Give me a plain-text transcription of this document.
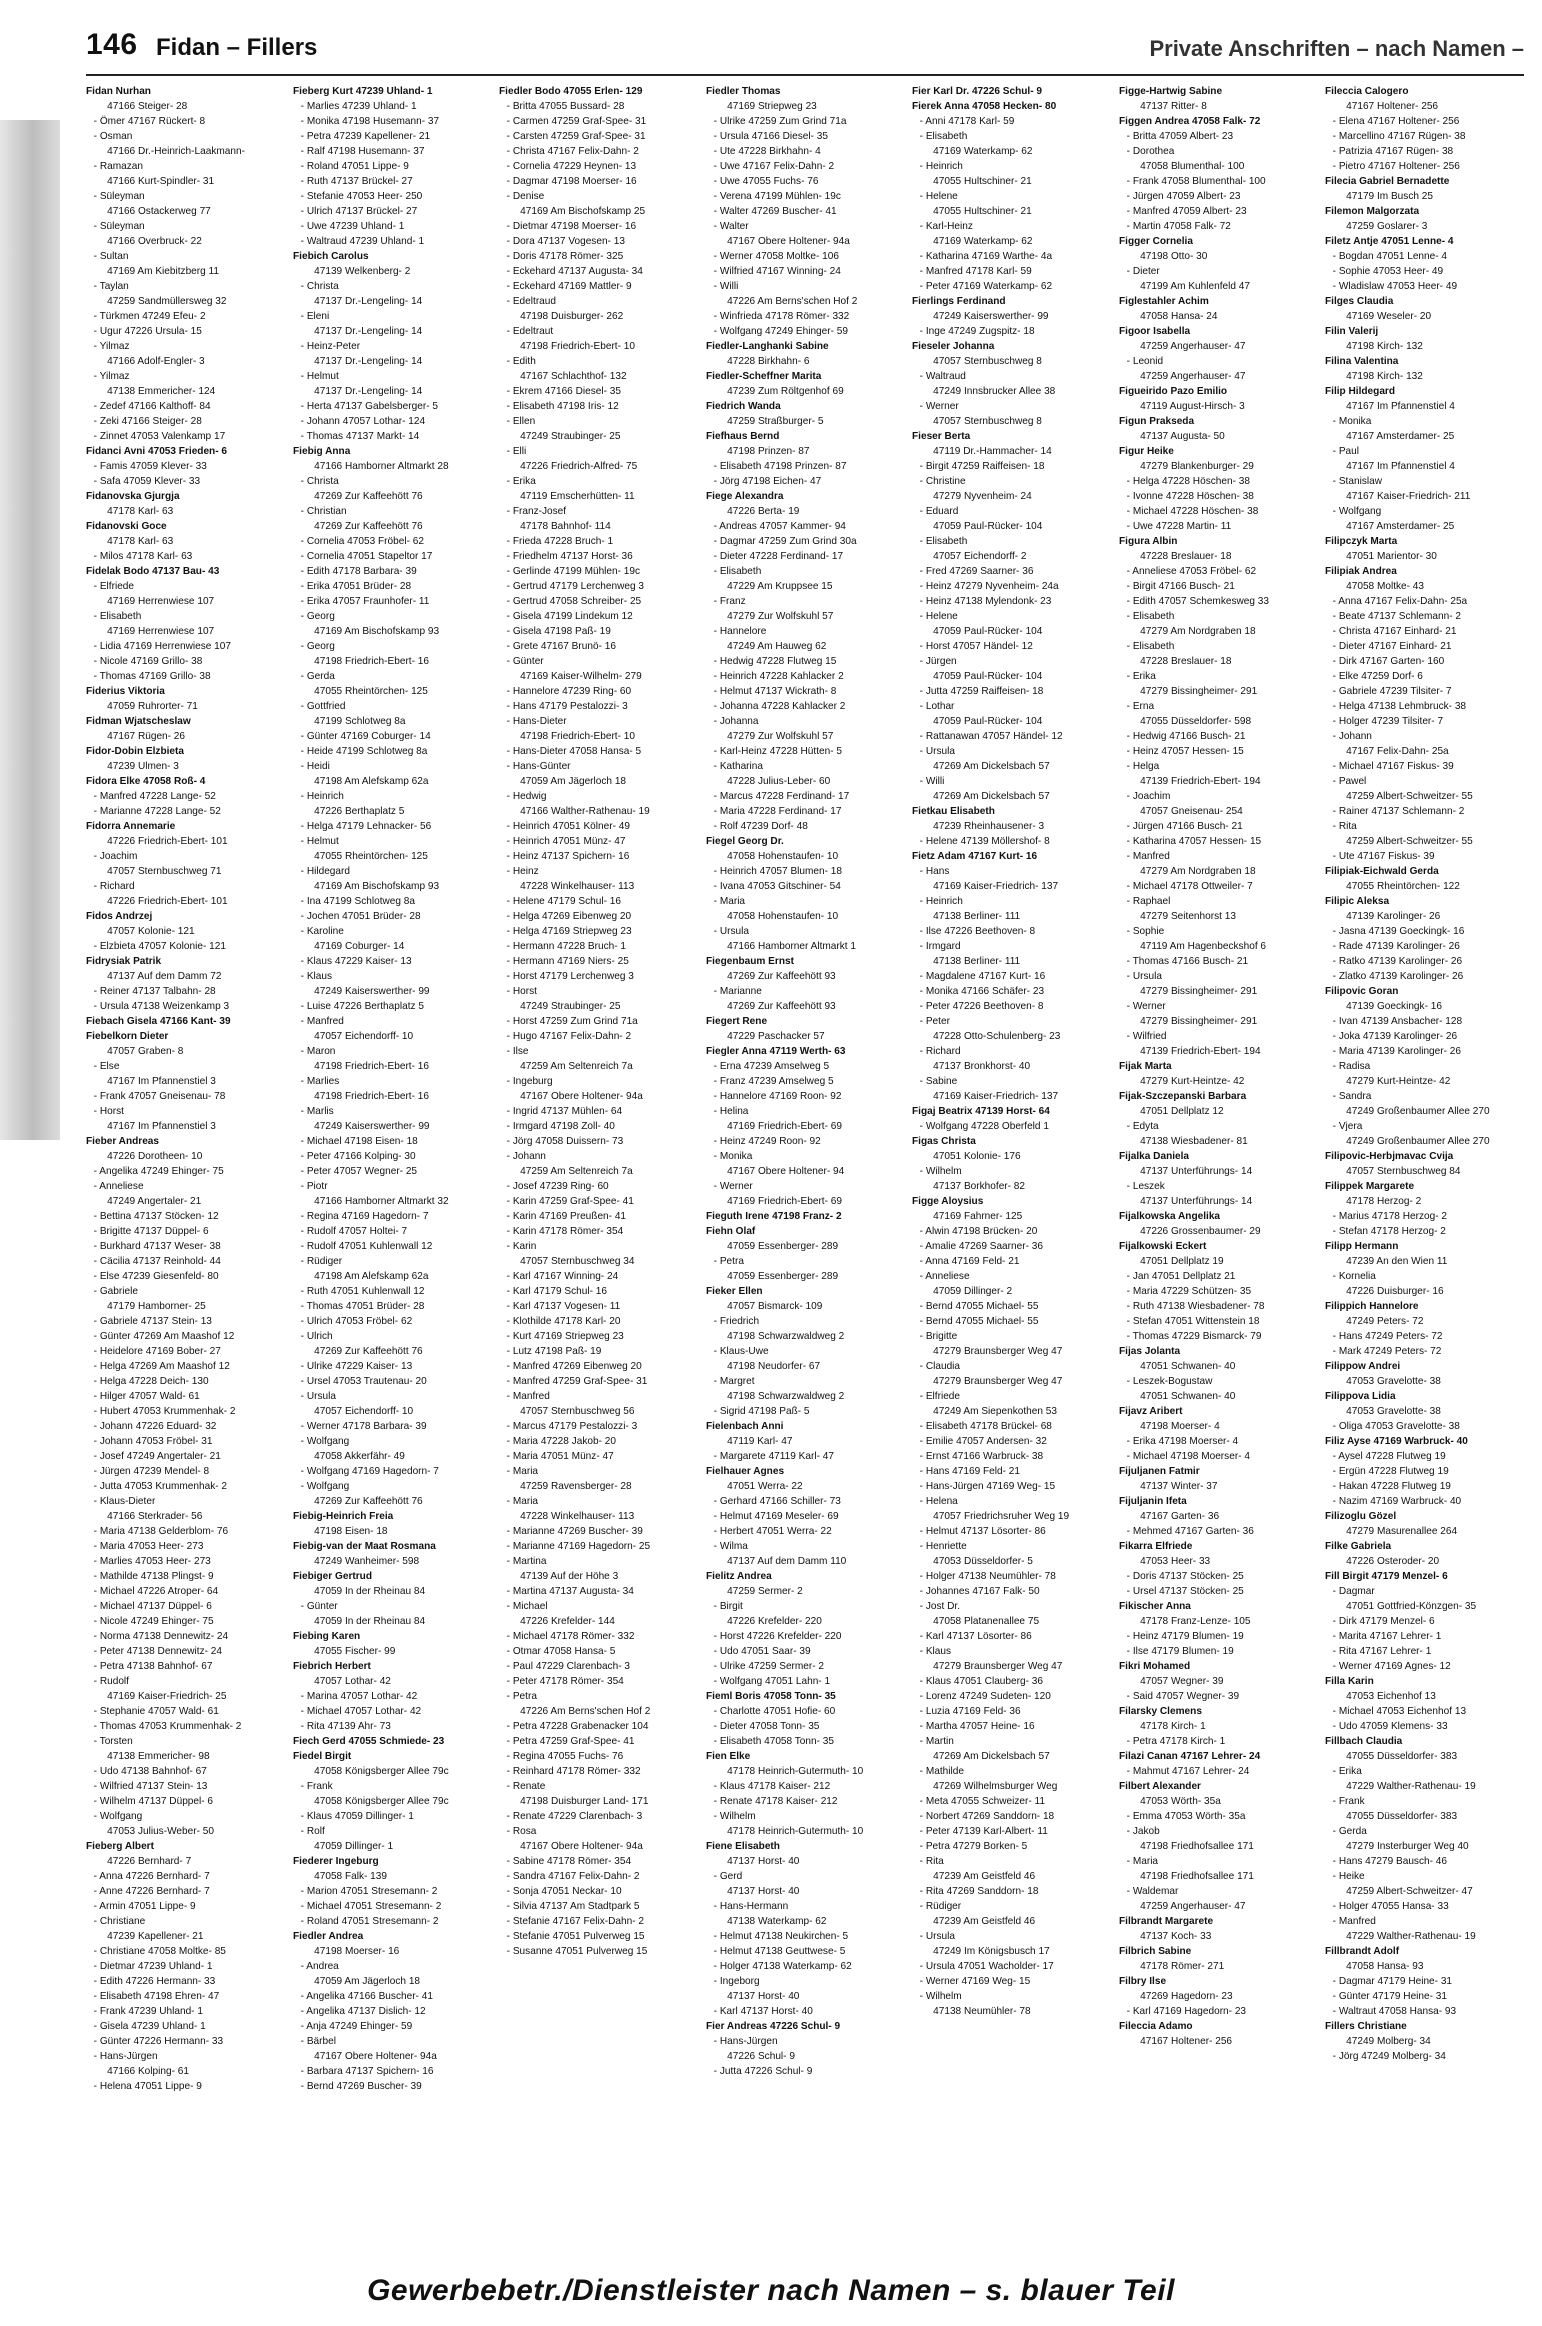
146 Fidan – Fillers	Private Anschriften – nach Namen –
Fidan Nurhan
47166 Steiger- 28
- Ömer 47167 Rückert- 8
- Osman
47166 Dr.-Heinrich-Laakmann-
- Ramazan
47166 Kurt-Spindler- 31
- Süleyman
47166 Ostackerweg 77
- Süleyman
47166 Overbruck- 22
- Sultan
47169 Am Kiebitzberg 11
- Taylan
47259 Sandmüllersweg 32
- Türkmen 47249 Efeu- 2
- Ugur 47226 Ursula- 15
- Yilmaz
47166 Adolf-Engler- 3
- Yilmaz
47138 Emmericher- 124
- Zedef 47166 Kalthoff- 84
- Zeki 47166 Steiger- 28
- Zinnet 47053 Valenkamp 17
Fidanci Avni 47053 Frieden- 6
- Famis 47059 Klever- 33
- Safa 47059 Klever- 33
Fidanovska Gjurgja
47178 Karl- 63
Fidanovski Goce
47178 Karl- 63
- Milos 47178 Karl- 63
Fidelak Bodo 47137 Bau- 43
- Elfriede
47169 Herrenwiese 107
- Elisabeth
47169 Herrenwiese 107
- Lidia 47169 Herrenwiese 107
- Nicole 47169 Grillo- 38
- Thomas 47169 Grillo- 38
Fiderius Viktoria
47059 Ruhrorter- 71
Fidman Wjatscheslaw
47167 Rügen- 26
Fidor-Dobin Elzbieta
47239 Ulmen- 3
Fidora Elke 47058 Roß- 4
- Manfred 47228 Lange- 52
- Marianne 47228 Lange- 52
Fidorra Annemarie
47226 Friedrich-Ebert- 101
- Joachim
47057 Sternbuschweg 71
- Richard
47226 Friedrich-Ebert- 101
Fidos Andrzej
47057 Kolonie- 121
- Elzbieta 47057 Kolonie- 121
Fidrysiak Patrik
47137 Auf dem Damm 72
- Reiner 47137 Talbahn- 28
- Ursula 47138 Weizenkamp 3
Fiebach Gisela 47166 Kant- 39
Fiebelkorn Dieter
47057 Graben- 8
- Else
47167 Im Pfannenstiel 3
- Frank 47057 Gneisenau- 78
- Horst
47167 Im Pfannenstiel 3
Fieber Andreas
47226 Dorotheen- 10
- Angelika 47249 Ehinger- 75
- Anneliese
47249 Angertaler- 21
- Bettina 47137 Stöcken- 12
- Brigitte 47137 Düppel- 6
- Burkhard 47137 Weser- 38
- Cäcilia 47137 Reinhold- 44
- Else 47239 Giesenfeld- 80
- Gabriele
47179 Hamborner- 25
- Gabriele 47137 Stein- 13
- Günter 47269 Am Maashof 12
- Heidelore 47169 Bober- 27
- Helga 47269 Am Maashof 12
- Helga 47228 Deich- 130
- Hilger 47057 Wald- 61
- Hubert 47053 Krummenhak- 2
- Johann 47226 Eduard- 32
- Johann 47053 Fröbel- 31
- Josef 47249 Angertaler- 21
- Jürgen 47239 Mendel- 8
- Jutta 47053 Krummenhak- 2
- Klaus-Dieter
47166 Sterkrader- 56
- Maria 47138 Gelderblom- 76
- Maria 47053 Heer- 273
- Marlies 47053 Heer- 273
- Mathilde 47138 Plingst- 9
- Michael 47226 Atroper- 64
- Michael 47137 Düppel- 6
- Nicole 47249 Ehinger- 75
- Norma 47138 Dennewitz- 24
- Peter 47138 Dennewitz- 24
- Petra 47138 Bahnhof- 67
- Rudolf
47169 Kaiser-Friedrich- 25
- Stephanie 47057 Wald- 61
- Thomas 47053 Krummenhak- 2
- Torsten
47138 Emmericher- 98
- Udo 47138 Bahnhof- 67
- Wilfried 47137 Stein- 13
- Wilhelm 47137 Düppel- 6
- Wolfgang
47053 Julius-Weber- 50
Fieberg Albert
47226 Bernhard- 7
- Anna 47226 Bernhard- 7
- Anne 47226 Bernhard- 7
- Armin 47051 Lippe- 9
- Christiane
47239 Kapellener- 21
- Christiane 47058 Moltke- 85
- Dietmar 47239 Uhland- 1
- Edith 47226 Hermann- 33
- Elisabeth 47198 Ehren- 47
- Frank 47239 Uhland- 1
- Gisela 47239 Uhland- 1
- Günter 47226 Hermann- 33
- Hans-Jürgen
47166 Kolping- 61
- Helena 47051 Lippe- 9
Fieberg Kurt 47239 Uhland- 1
- Marlies 47239 Uhland- 1
- Monika 47198 Husemann- 37
- Petra 47239 Kapellener- 21
- Ralf 47198 Husemann- 37
- Roland 47051 Lippe- 9
- Ruth 47137 Brückel- 27
- Stefanie 47053 Heer- 250
- Ulrich 47137 Brückel- 27
- Uwe 47239 Uhland- 1
- Waltraud 47239 Uhland- 1
Fiebich Carolus
47139 Welkenberg- 2
- Christa
47137 Dr.-Lengeling- 14
- Eleni
47137 Dr.-Lengeling- 14
- Heinz-Peter
47137 Dr.-Lengeling- 14
- Helmut
47137 Dr.-Lengeling- 14
- Herta 47137 Gabelsberger- 5
- Johann 47057 Lothar- 124
- Thomas 47137 Markt- 14
Fiebig Anna
47166 Hamborner Altmarkt 28
- Christa
47269 Zur Kaffeehött 76
- Christian
47269 Zur Kaffeehött 76
- Cornelia 47053 Fröbel- 62
- Cornelia 47051 Stapeltor 17
- Edith 47178 Barbara- 39
- Erika 47051 Brüder- 28
- Erika 47057 Fraunhofer- 11
- Georg
47169 Am Bischofskamp 93
- Georg
47198 Friedrich-Ebert- 16
- Gerda
47055 Rheintörchen- 125
- Gottfried
47199 Schlotweg 8a
- Günter 47169 Coburger- 14
- Heide 47199 Schlotweg 8a
- Heidi
47198 Am Alefskamp 62a
- Heinrich
47226 Berthaplatz 5
- Helga 47179 Lehnacker- 56
- Helmut
47055 Rheintörchen- 125
- Hildegard
47169 Am Bischofskamp 93
- Ina 47199 Schlotweg 8a
- Jochen 47051 Brüder- 28
- Karoline
47169 Coburger- 14
- Klaus 47229 Kaiser- 13
- Klaus
47249 Kaiserswerther- 99
- Luise 47226 Berthaplatz 5
- Manfred
47057 Eichendorff- 10
- Maron
47198 Friedrich-Ebert- 16
- Marlies
47198 Friedrich-Ebert- 16
- Marlis
47249 Kaiserswerther- 99
- Michael 47198 Eisen- 18
- Peter 47166 Kolping- 30
- Peter 47057 Wegner- 25
- Piotr
47166 Hamborner Altmarkt 32
- Regina 47169 Hagedorn- 7
- Rudolf 47057 Holtei- 7
- Rudolf 47051 Kuhlenwall 12
- Rüdiger
47198 Am Alefskamp 62a
- Ruth 47051 Kuhlenwall 12
- Thomas 47051 Brüder- 28
- Ulrich 47053 Fröbel- 62
- Ulrich
47269 Zur Kaffeehött 76
- Ulrike 47229 Kaiser- 13
- Ursel 47053 Trautenau- 20
- Ursula
47057 Eichendorff- 10
- Werner 47178 Barbara- 39
- Wolfgang
47058 Akkerfähr- 49
- Wolfgang 47169 Hagedorn- 7
- Wolfgang
47269 Zur Kaffeehött 76
Fiebig-Heinrich Freia
47198 Eisen- 18
Fiebig-van der Maat Rosmana
47249 Wanheimer- 598
Fiebiger Gertrud
47059 In der Rheinau 84
- Günter
47059 In der Rheinau 84
Fiebing Karen
47055 Fischer- 99
Fiebrich Herbert
47057 Lothar- 42
- Marina 47057 Lothar- 42
- Michael 47057 Lothar- 42
- Rita 47139 Ahr- 73
Fiech Gerd 47055 Schmiede- 23
Fiedel Birgit
47058 Königsberger Allee 79c
- Frank
47058 Königsberger Allee 79c
- Klaus 47059 Dillinger- 1
- Rolf
47059 Dillinger- 1
Fiederer Ingeburg
47058 Falk- 139
- Marion 47051 Stresemann- 2
- Michael 47051 Stresemann- 2
- Roland 47051 Stresemann- 2
Fiedler Andrea
47198 Moerser- 16
- Andrea
47059 Am Jägerloch 18
- Angelika 47166 Buscher- 41
- Angelika 47137 Dislich- 12
- Anja 47249 Ehinger- 59
- Bärbel
47167 Obere Holtener- 94a
- Barbara 47137 Spichern- 16
- Bernd 47269 Buscher- 39
Fiedler Bodo 47055 Erlen- 129
- Britta 47055 Bussard- 28
- Carmen 47259 Graf-Spee- 31
- Carsten 47259 Graf-Spee- 31
- Christa 47167 Felix-Dahn- 2
- Cornelia 47229 Heynen- 13
- Dagmar 47198 Moerser- 16
- Denise
47169 Am Bischofskamp 25
- Dietmar 47198 Moerser- 16
- Dora 47137 Vogesen- 13
- Doris 47178 Römer- 325
- Eckehard 47137 Augusta- 34
- Eckehard 47169 Mattler- 9
- Edeltraud
47198 Duisburger- 262
- Edeltraut
47198 Friedrich-Ebert- 10
- Edith
47167 Schlachthof- 132
- Ekrem 47166 Diesel- 35
- Elisabeth 47198 Iris- 12
- Ellen
47249 Straubinger- 25
- Elli
47226 Friedrich-Alfred- 75
- Erika
47119 Emscherhütten- 11
- Franz-Josef
47178 Bahnhof- 114
- Frieda 47228 Bruch- 1
- Friedhelm 47137 Horst- 36
- Gerlinde 47199 Mühlen- 19c
- Gertrud 47179 Lerchenweg 3
- Gertrud 47058 Schreiber- 25
- Gisela 47199 Lindekum 12
- Gisela 47198 Paß- 19
- Grete 47167 Brunö- 16
- Günter
47169 Kaiser-Wilhelm- 279
- Hannelore 47239 Ring- 60
- Hans 47179 Pestalozzi- 3
- Hans-Dieter
47198 Friedrich-Ebert- 10
- Hans-Dieter 47058 Hansa- 5
- Hans-Günter
47059 Am Jägerloch 18
- Hedwig
47166 Walther-Rathenau- 19
- Heinrich 47051 Kölner- 49
- Heinrich 47051 Münz- 47
- Heinz 47137 Spichern- 16
- Heinz
47228 Winkelhauser- 113
- Helene 47179 Schul- 16
- Helga 47269 Eibenweg 20
- Helga 47169 Striepweg 23
- Hermann 47228 Bruch- 1
- Hermann 47169 Niers- 25
- Horst 47179 Lerchenweg 3
- Horst
47249 Straubinger- 25
- Horst 47259 Zum Grind 71a
- Hugo 47167 Felix-Dahn- 2
- Ilse
47259 Am Seltenreich 7a
- Ingeburg
47167 Obere Holtener- 94a
- Ingrid 47137 Mühlen- 64
- Irmgard 47198 Zoll- 40
- Jörg 47058 Duissern- 73
- Johann
47259 Am Seltenreich 7a
- Josef 47239 Ring- 60
- Karin 47259 Graf-Spee- 41
- Karin 47169 Preußen- 41
- Karin 47178 Römer- 354
- Karin
47057 Sternbuschweg 34
- Karl 47167 Winning- 24
- Karl 47179 Schul- 16
- Karl 47137 Vogesen- 11
- Klothilde 47178 Karl- 20
- Kurt 47169 Striepweg 23
- Lutz 47198 Paß- 19
- Manfred 47269 Eibenweg 20
- Manfred 47259 Graf-Spee- 31
- Manfred
47057 Sternbuschweg 56
- Marcus 47179 Pestalozzi- 3
- Maria 47228 Jakob- 20
- Maria 47051 Münz- 47
- Maria
47259 Ravensberger- 28
- Maria
47228 Winkelhauser- 113
- Marianne 47269 Buscher- 39
- Marianne 47169 Hagedorn- 25
- Martina
47139 Auf der Höhe 3
- Martina 47137 Augusta- 34
- Michael
47226 Krefelder- 144
- Michael 47178 Römer- 332
- Otmar 47058 Hansa- 5
- Paul 47229 Clarenbach- 3
- Peter 47178 Römer- 354
- Petra
47226 Am Berns'schen Hof 2
- Petra 47228 Grabenacker 104
- Petra 47259 Graf-Spee- 41
- Regina 47055 Fuchs- 76
- Reinhard 47178 Römer- 332
- Renate
47198 Duisburger Land- 171
- Renate 47229 Clarenbach- 3
- Rosa
47167 Obere Holtener- 94a
- Sabine 47178 Römer- 354
- Sandra 47167 Felix-Dahn- 2
- Sonja 47051 Neckar- 10
- Silvia 47137 Am Stadtpark 5
- Stefanie 47167 Felix-Dahn- 2
- Stefanie 47051 Pulverweg 15
- Susanne 47051 Pulverweg 15
Fiedler Thomas
47169 Striepweg 23
- Ulrike 47259 Zum Grind 71a
- Ursula 47166 Diesel- 35
- Ute 47228 Birkhahn- 4
- Uwe 47167 Felix-Dahn- 2
- Uwe 47055 Fuchs- 76
- Verena 47199 Mühlen- 19c
- Walter 47269 Buscher- 41
- Walter
47167 Obere Holtener- 94a
- Werner 47058 Moltke- 106
- Wilfried 47167 Winning- 24
- Willi
47226 Am Berns'schen Hof 2
- Winfrieda 47178 Römer- 332
- Wolfgang 47249 Ehinger- 59
Fiedler-Langhanki Sabine
47228 Birkhahn- 6
Fiedler-Scheffner Marita
47239 Zum Röltgenhof 69
Fiedrich Wanda
47259 Straßburger- 5
Fiefhaus Bernd
47198 Prinzen- 87
- Elisabeth 47198 Prinzen- 87
- Jörg 47198 Eichen- 47
Fiege Alexandra
47226 Berta- 19
- Andreas 47057 Kammer- 94
- Dagmar 47259 Zum Grind 30a
- Dieter 47228 Ferdinand- 17
- Elisabeth
47229 Am Kruppsee 15
- Franz
47279 Zur Wolfskuhl 57
- Hannelore
47249 Am Hauweg 62
- Hedwig 47228 Flutweg 15
- Heinrich 47228 Kahlacker 2
- Helmut 47137 Wickrath- 8
- Johanna 47228 Kahlacker 2
- Johanna
47279 Zur Wolfskuhl 57
- Karl-Heinz 47228 Hütten- 5
- Katharina
47228 Julius-Leber- 60
- Marcus 47228 Ferdinand- 17
- Maria 47228 Ferdinand- 17
- Rolf 47239 Dorf- 48
Fiegel Georg Dr.
47058 Hohenstaufen- 10
- Heinrich 47057 Blumen- 18
- Ivana 47053 Gitschiner- 54
- Maria
47058 Hohenstaufen- 10
- Ursula
47166 Hamborner Altmarkt 1
Fiegenbaum Ernst
47269 Zur Kaffeehött 93
- Marianne
47269 Zur Kaffeehött 93
Fiegert Rene
47229 Paschacker 57
Fiegler Anna 47119 Werth- 63
- Erna 47239 Amselweg 5
- Franz 47239 Amselweg 5
- Hannelore 47169 Roon- 92
- Helina
47169 Friedrich-Ebert- 69
- Heinz 47249 Roon- 92
- Monika
47167 Obere Holtener- 94
- Werner
47169 Friedrich-Ebert- 69
Fieguth Irene 47198 Franz- 2
Fiehn Olaf
47059 Essenberger- 289
- Petra
47059 Essenberger- 289
Fieker Ellen
47057 Bismarck- 109
- Friedrich
47198 Schwarzwaldweg 2
- Klaus-Uwe
47198 Neudorfer- 67
- Margret
47198 Schwarzwaldweg 2
- Sigrid 47198 Paß- 5
Fielenbach Anni
47119 Karl- 47
- Margarete 47119 Karl- 47
Fielhauer Agnes
47051 Werra- 22
- Gerhard 47166 Schiller- 73
- Helmut 47169 Meseler- 69
- Herbert 47051 Werra- 22
- Wilma
47137 Auf dem Damm 110
Fielitz Andrea
47259 Sermer- 2
- Birgit
47226 Krefelder- 220
- Horst 47226 Krefelder- 220
- Udo 47051 Saar- 39
- Ulrike 47259 Sermer- 2
- Wolfgang 47051 Lahn- 1
Fieml Boris 47058 Tonn- 35
- Charlotte 47051 Hofie- 60
- Dieter 47058 Tonn- 35
- Elisabeth 47058 Tonn- 35
Fien Elke
47178 Heinrich-Gutermuth- 10
- Klaus 47178 Kaiser- 212
- Renate 47178 Kaiser- 212
- Wilhelm
47178 Heinrich-Gutermuth- 10
Fiene Elisabeth
47137 Horst- 40
- Gerd
47137 Horst- 40
- Hans-Hermann
47138 Waterkamp- 62
- Helmut 47138 Neukirchen- 5
- Helmut 47138 Geuttwese- 5
- Holger 47138 Waterkamp- 62
- Ingeborg
47137 Horst- 40
- Karl 47137 Horst- 40
Fier Andreas 47226 Schul- 9
- Hans-Jürgen
47226 Schul- 9
- Jutta 47226 Schul- 9
Fier Karl Dr. 47226 Schul- 9
Fierek Anna 47058 Hecken- 80
- Anni 47178 Karl- 59
- Elisabeth
47169 Waterkamp- 62
- Heinrich
47055 Hultschiner- 21
- Helene
47055 Hultschiner- 21
- Karl-Heinz
47169 Waterkamp- 62
- Katharina 47169 Warthe- 4a
- Manfred 47178 Karl- 59
- Peter 47169 Waterkamp- 62
Fierlings Ferdinand
47249 Kaiserswerther- 99
- Inge 47249 Zugspitz- 18
Fieseler Johanna
47057 Sternbuschweg 8
- Waltraud
47249 Innsbrucker Allee 38
- Werner
47057 Sternbuschweg 8
Fieser Berta
47119 Dr.-Hammacher- 14
- Birgit 47259 Raiffeisen- 18
- Christine
47279 Nyvenheim- 24
- Eduard
47059 Paul-Rücker- 104
- Elisabeth
47057 Eichendorff- 2
- Fred 47269 Saarner- 36
- Heinz 47279 Nyvenheim- 24a
- Heinz 47138 Mylendonk- 23
- Helene
47059 Paul-Rücker- 104
- Horst 47057 Händel- 12
- Jürgen
47059 Paul-Rücker- 104
- Jutta 47259 Raiffeisen- 18
- Lothar
47059 Paul-Rücker- 104
- Rattanawan 47057 Händel- 12
- Ursula
47269 Am Dickelsbach 57
- Willi
47269 Am Dickelsbach 57
Fietkau Elisabeth
47239 Rheinhausener- 3
- Helene 47139 Möllershof- 8
Fietz Adam 47167 Kurt- 16
- Hans
47169 Kaiser-Friedrich- 137
- Heinrich
47138 Berliner- 111
- Ilse 47226 Beethoven- 8
- Irmgard
47138 Berliner- 111
- Magdalene 47167 Kurt- 16
- Monika 47166 Schäfer- 23
- Peter 47226 Beethoven- 8
- Peter
47228 Otto-Schulenberg- 23
- Richard
47137 Bronkhorst- 40
- Sabine
47169 Kaiser-Friedrich- 137
Figaj Beatrix 47139 Horst- 64
- Wolfgang 47228 Oberfeld 1
Figas Christa
47051 Kolonie- 176
- Wilhelm
47137 Borkhofer- 82
Figge Aloysius
47169 Fahrner- 125
- Alwin 47198 Brücken- 20
- Amalie 47269 Saarner- 36
- Anna 47169 Feld- 21
- Anneliese
47059 Dillinger- 2
- Bernd 47055 Michael- 55
- Bernd 47055 Michael- 55
- Brigitte
47279 Braunsberger Weg 47
- Claudia
47279 Braunsberger Weg 47
- Elfriede
47249 Am Siepenkothen 53
- Elisabeth 47178 Brückel- 68
- Emilie 47057 Andersen- 32
- Ernst 47166 Warbruck- 38
- Hans 47169 Feld- 21
- Hans-Jürgen 47169 Weg- 15
- Helena
47057 Friedrichsruher Weg 19
- Helmut 47137 Lösorter- 86
- Henriette
47053 Düsseldorfer- 5
- Holger 47138 Neumühler- 78
- Johannes 47167 Falk- 50
- Jost Dr.
47058 Platanenallee 75
- Karl 47137 Lösorter- 86
- Klaus
47279 Braunsberger Weg 47
- Klaus 47051 Clauberg- 36
- Lorenz 47249 Sudeten- 120
- Luzia 47169 Feld- 36
- Martha 47057 Heine- 16
- Martin
47269 Am Dickelsbach 57
- Mathilde
47269 Wilhelmsburger Weg
- Meta 47055 Schweizer- 11
- Norbert 47269 Sanddorn- 18
- Peter 47139 Karl-Albert- 11
- Petra 47279 Borken- 5
- Rita
47239 Am Geistfeld 46
- Rita 47269 Sanddorn- 18
- Rüdiger
47239 Am Geistfeld 46
- Ursula
47249 Im Königsbusch 17
- Ursula 47051 Wacholder- 17
- Werner 47169 Weg- 15
- Wilhelm
47138 Neumühler- 78
Figge-Hartwig Sabine
47137 Ritter- 8
Figgen Andrea 47058 Falk- 72
- Britta 47059 Albert- 23
- Dorothea
47058 Blumenthal- 100
- Frank 47058 Blumenthal- 100
- Jürgen 47059 Albert- 23
- Manfred 47059 Albert- 23
- Martin 47058 Falk- 72
Figger Cornelia
47198 Otto- 30
- Dieter
47199 Am Kuhlenfeld 47
Figlestahler Achim
47058 Hansa- 24
Figoor Isabella
47259 Angerhauser- 47
- Leonid
47259 Angerhauser- 47
Figueirido Pazo Emilio
47119 August-Hirsch- 3
Figun Praksedа
47137 Augusta- 50
Figur Heike
47279 Blankenburger- 29
- Helga 47228 Höschen- 38
- Ivonne 47228 Höschen- 38
- Michael 47228 Höschen- 38
- Uwe 47228 Martin- 11
Figura Albin
47228 Breslauer- 18
- Anneliese 47053 Fröbel- 62
- Birgit 47166 Busch- 21
- Edith 47057 Schemkesweg 33
- Elisabeth
47279 Am Nordgraben 18
- Elisabeth
47228 Breslauer- 18
- Erika
47279 Bissingheimer- 291
- Erna
47055 Düsseldorfer- 598
- Hedwig 47166 Busch- 21
- Heinz 47057 Hessen- 15
- Helga
47139 Friedrich-Ebert- 194
- Joachim
47057 Gneisenau- 254
- Jürgen 47166 Busch- 21
- Katharina 47057 Hessen- 15
- Manfred
47279 Am Nordgraben 18
- Michael 47178 Ottweiler- 7
- Raphael
47279 Seitenhorst 13
- Sophie
47119 Am Hagenbeckshof 6
- Thomas 47166 Busch- 21
- Ursula
47279 Bissingheimer- 291
- Werner
47279 Bissingheimer- 291
- Wilfried
47139 Friedrich-Ebert- 194
Fijak Marta
47279 Kurt-Heintze- 42
Fijak-Szczepanski Barbara
47051 Dellplatz 12
- Edyta
47138 Wiesbadener- 81
Fijalka Daniela
47137 Unterführungs- 14
- Leszek
47137 Unterführungs- 14
Fijalkowska Angelika
47226 Grossenbaumer- 29
Fijalkowski Eckert
47051 Dellplatz 19
- Jan 47051 Dellplatz 21
- Maria 47229 Schützen- 35
- Ruth 47138 Wiesbadener- 78
- Stefan 47051 Wittenstein 18
- Thomas 47229 Bismarck- 79
Fijas Jolanta
47051 Schwanen- 40
- Leszek-Bogustaw
47051 Schwanen- 40
Fijavz Aribert
47198 Moerser- 4
- Erika 47198 Moerser- 4
- Michael 47198 Moerser- 4
Fijuljanen Fatmir
47137 Winter- 37
Fijuljanin Ifeta
47167 Garten- 36
- Mehmed 47167 Garten- 36
Fikarra Elfriede
47053 Heer- 33
- Doris 47137 Stöcken- 25
- Ursel 47137 Stöcken- 25
Fikischer Anna
47178 Franz-Lenze- 105
- Heinz 47179 Blumen- 19
- Ilse 47179 Blumen- 19
Fikri Mohamed
47057 Wegner- 39
- Said 47057 Wegner- 39
Filarsky Clemens
47178 Kirch- 1
- Petra 47178 Kirch- 1
Filazi Canan 47167 Lehrer- 24
- Mahmut 47167 Lehrer- 24
Filbert Alexander
47053 Wörth- 35a
- Emma 47053 Wörth- 35a
- Jakob
47198 Friedhofsallee 171
- Maria
47198 Friedhofsallee 171
- Waldemar
47259 Angerhauser- 47
Filbrandt Margarete
47137 Koch- 33
Filbrich Sabine
47178 Römer- 271
Filbry Ilse
47269 Hagedorn- 23
- Karl 47169 Hagedorn- 23
Fileccia Adamo
47167 Holtener- 256
Fileccia Calogero
47167 Holtener- 256
- Elena 47167 Holtener- 256
- Marcellino 47167 Rügen- 38
- Patrizia 47167 Rügen- 38
- Pietro 47167 Holtener- 256
Filecia Gabriel Bernadette
47179 Im Busch 25
Filemon Malgorzata
47259 Goslarer- 3
Filetz Antje 47051 Lenne- 4
- Bogdan 47051 Lenne- 4
- Sophie 47053 Heer- 49
- Wladislaw 47053 Heer- 49
Filges Claudia
47169 Weseler- 20
Filin Valerij
47198 Kirch- 132
Filina Valentina
47198 Kirch- 132
Filip Hildegard
47167 Im Pfannenstiel 4
- Monika
47167 Amsterdamer- 25
- Paul
47167 Im Pfannenstiel 4
- Stanislaw
47167 Kaiser-Friedrich- 211
- Wolfgang
47167 Amsterdamer- 25
Filipczyk Marta
47051 Marientor- 30
Filipiak Andrea
47058 Moltke- 43
- Anna 47167 Felix-Dahn- 25a
- Beate 47137 Schlemann- 2
- Christa 47167 Einhard- 21
- Dieter 47167 Einhard- 21
- Dirk 47167 Garten- 160
- Elke 47259 Dorf- 6
- Gabriele 47239 Tilsiter- 7
- Helga 47138 Lehmbruck- 38
- Holger 47239 Tilsiter- 7
- Johann
47167 Felix-Dahn- 25a
- Michael 47167 Fiskus- 39
- Pawel
47259 Albert-Schweitzer- 55
- Rainer 47137 Schlemann- 2
- Rita
47259 Albert-Schweitzer- 55
- Ute 47167 Fiskus- 39
Filipiak-Eichwald Gerda
47055 Rheintörchen- 122
Filipic Aleksa
47139 Karolinger- 26
- Jasna 47139 Goeckingk- 16
- Rade 47139 Karolinger- 26
- Ratko 47139 Karolinger- 26
- Zlatko 47139 Karolinger- 26
Filipovic Goran
47139 Goeckingk- 16
- Ivan 47139 Ansbacher- 128
- Joka 47139 Karolinger- 26
- Maria 47139 Karolinger- 26
- Radisa
47279 Kurt-Heintze- 42
- Sandra
47249 Großenbaumer Allee 270
- Vjera
47249 Großenbaumer Allee 270
Filipovic-Herbjmavac Cvija
47057 Sternbuschweg 84
Filippek Margarete
47178 Herzog- 2
- Marius 47178 Herzog- 2
- Stefan 47178 Herzog- 2
Filipp Hermann
47239 An den Wien 11
- Kornelia
47226 Duisburger- 16
Filippich Hannelore
47249 Peters- 72
- Hans 47249 Peters- 72
- Mark 47249 Peters- 72
Filippow Andrei
47053 Gravelotte- 38
Filippova Lidia
47053 Gravelotte- 38
- Oliga 47053 Gravelotte- 38
Filiz Ayse 47169 Warbruck- 40
- Aysel 47228 Flutweg 19
- Ergün 47228 Flutweg 19
- Hakan 47228 Flutweg 19
- Nazim 47169 Warbruck- 40
Filizoglu Gözel
47279 Masurenallee 264
Filke Gabriela
47226 Osteroder- 20
Fill Birgit 47179 Menzel- 6
- Dagmar
47051 Gottfried-Könzgen- 35
- Dirk 47179 Menzel- 6
- Marita 47167 Lehrer- 1
- Rita 47167 Lehrer- 1
- Werner 47169 Agnes- 12
Filla Karin
47053 Eichenhof 13
- Michael 47053 Eichenhof 13
- Udo 47059 Klemens- 33
Fillbach Claudia
47055 Düsseldorfer- 383
- Erika
47229 Walther-Rathenau- 19
- Frank
47055 Düsseldorfer- 383
- Gerda
47279 Insterburger Weg 40
- Hans 47279 Bausch- 46
- Heike
47259 Albert-Schweitzer- 47
- Holger 47055 Hansa- 33
- Manfred
47229 Walther-Rathenau- 19
Fillbrandt Adolf
47058 Hansa- 93
- Dagmar 47179 Heine- 31
- Günter 47179 Heine- 31
- Waltraut 47058 Hansa- 93
Fillers Christiane
47249 Molberg- 34
- Jörg 47249 Molberg- 34
Gewerbebetr./Dienstleister nach Namen – s. blauer Teil
